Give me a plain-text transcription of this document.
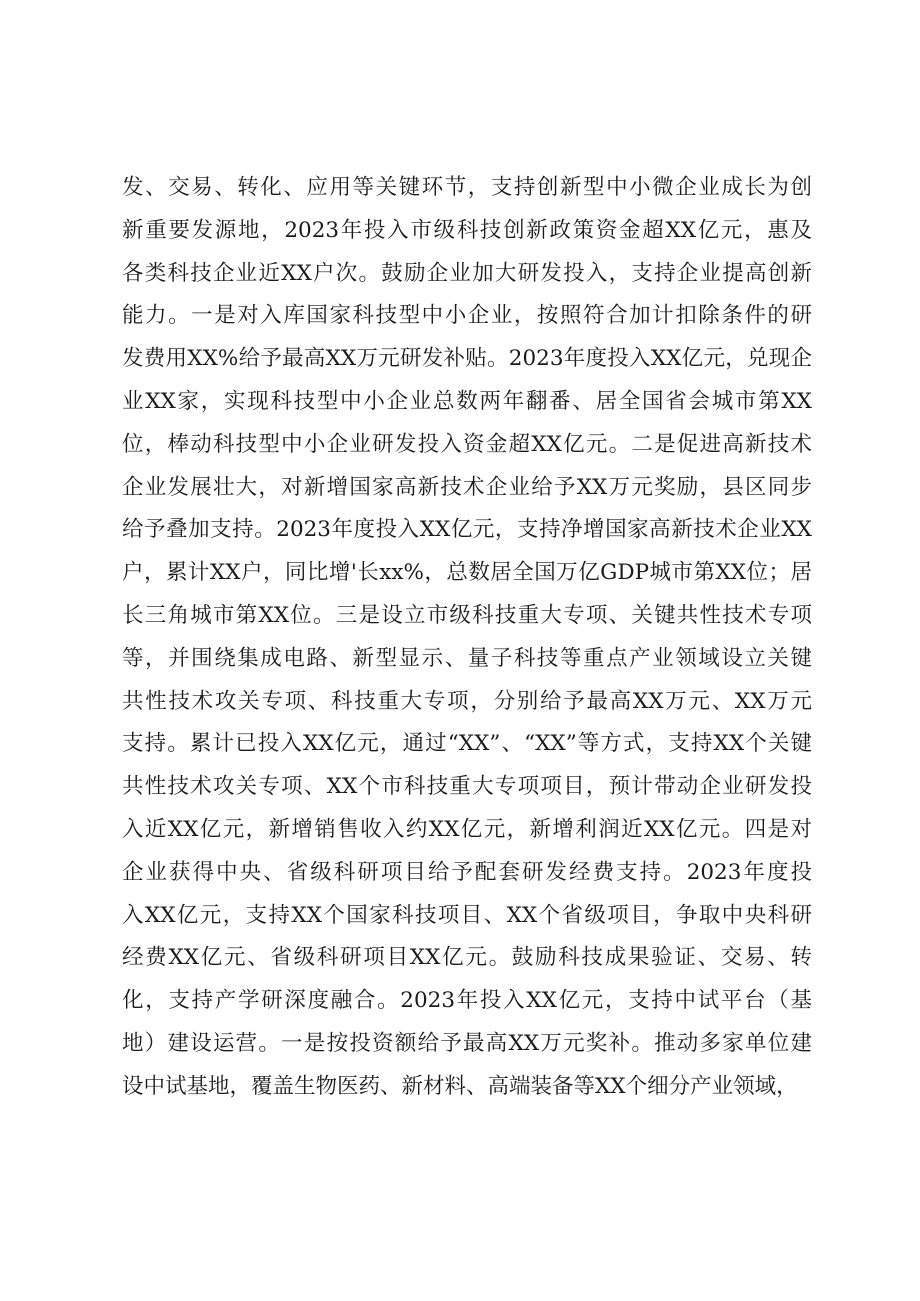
发、交易、转化、应用等关键环节，支持创新型中小微企业成长为创
新重要发源地，2023年投入市级科技创新政策资金超XX亿元，惠及
各类科技企业近XX户次。鼓励企业加大研发投入，支持企业提高创新
能力。一是对入库国家科技型中小企业，按照符合加计扣除条件的研
发费用XX%给予最高XX万元研发补贴。2023年度投入XX亿元，兑现企
业XX家，实现科技型中小企业总数两年翻番、居全国省会城市第XX
位，棒动科技型中小企业研发投入资金超XX亿元。二是促进高新技术
企业发展壮大，对新增国家高新技术企业给予XX万元奖励，县区同步
给予叠加支持。2023年度投入XX亿元，支持净增国家高新技术企业XX
户，累计XX户，同比增'长xx%，总数居全国万亿GDP城市第XX位；居
长三角城市第XX位。三是设立市级科技重大专项、关键共性技术专项
等，并围绕集成电路、新型显示、量子科技等重点产业领域设立关键
共性技术攻关专项、科技重大专项，分别给予最高XX万元、XX万元
支持。累计已投入XX亿元，通过“XX”、“XX”等方式，支持XX个关键
共性技术攻关专项、XX个市科技重大专项项目，预计带动企业研发投
入近XX亿元，新增销售收入约XX亿元，新增利润近XX亿元。四是对
企业获得中央、省级科研项目给予配套研发经费支持。2023年度投
入XX亿元，支持XX个国家科技项目、XX个省级项目，争取中央科研
经费XX亿元、省级科研项目XX亿元。鼓励科技成果验证、交易、转
化，支持产学研深度融合。2023年投入XX亿元，支持中试平台（基
地）建设运营。一是按投资额给予最高XX万元奖补。推动多家单位建
设中试基地，覆盖生物医药、新材料、高端装备等XX个细分产业领域，
